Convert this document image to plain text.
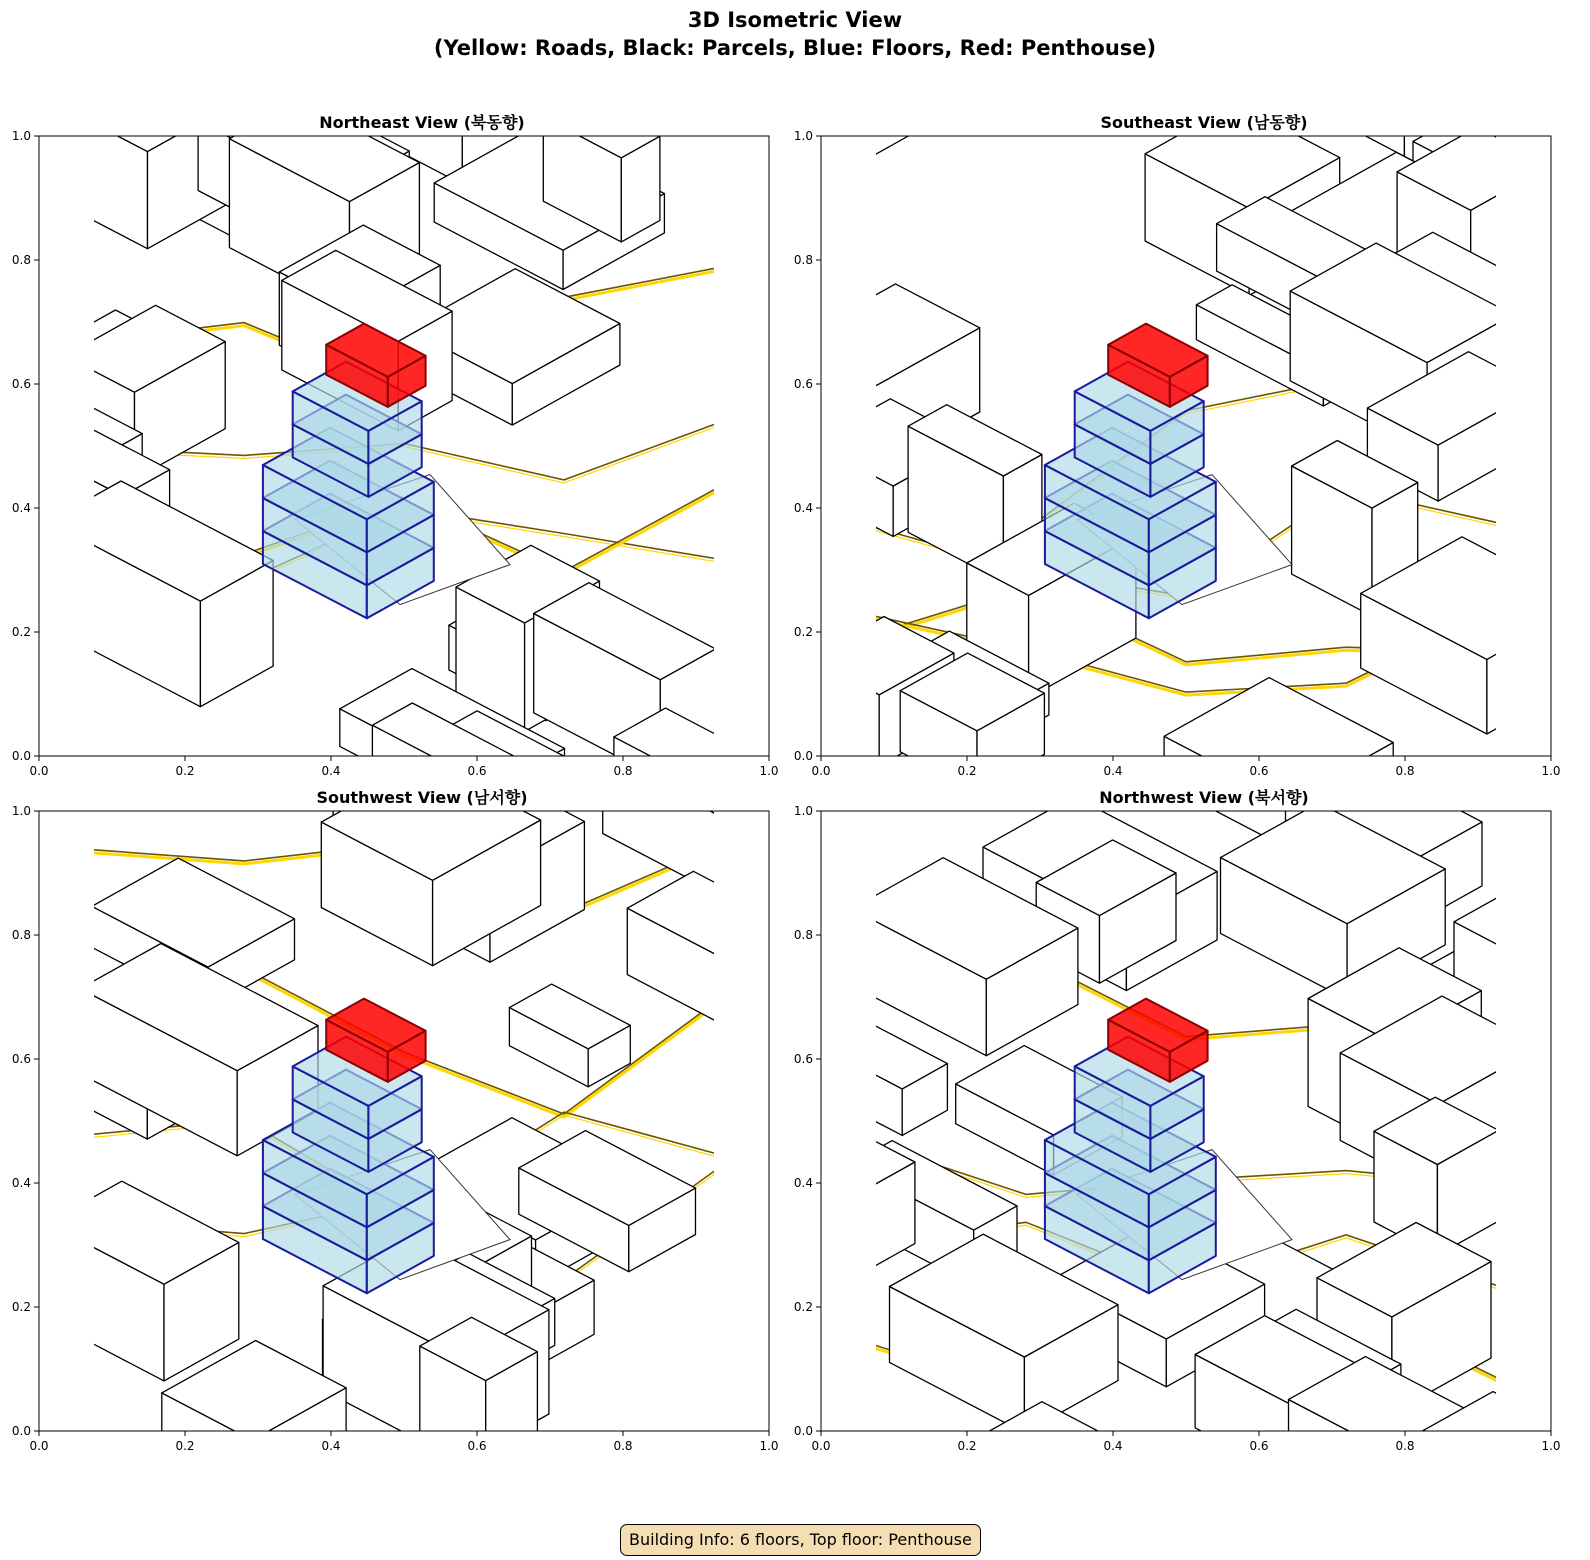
3D Isometric View
(Yellow: Roads, Black: Parcels, Blue: Floors, Red: Penthouse)
Northeast View (북동향)
0.0	0.2	0.4	0.6	0.8	1.0
0.0
0.2
0.4
0.6
0.8
1.0
Southeast View (남동향)
0.0	0.2	0.4	0.6	0.8	1.0
0.0
0.2
0.4
0.6
0.8
1.0
Southwest View (남서향)
0.0	0.2	0.4	0.6	0.8	1.0
0.0
0.2
0.4
0.6
0.8
1.0
Northwest View (북서향)
0.0	0.2	0.4	0.6	0.8	1.0
0.0
0.2
0.4
0.6
0.8
1.0
Building Info: 6 floors, Top floor: Penthouse
